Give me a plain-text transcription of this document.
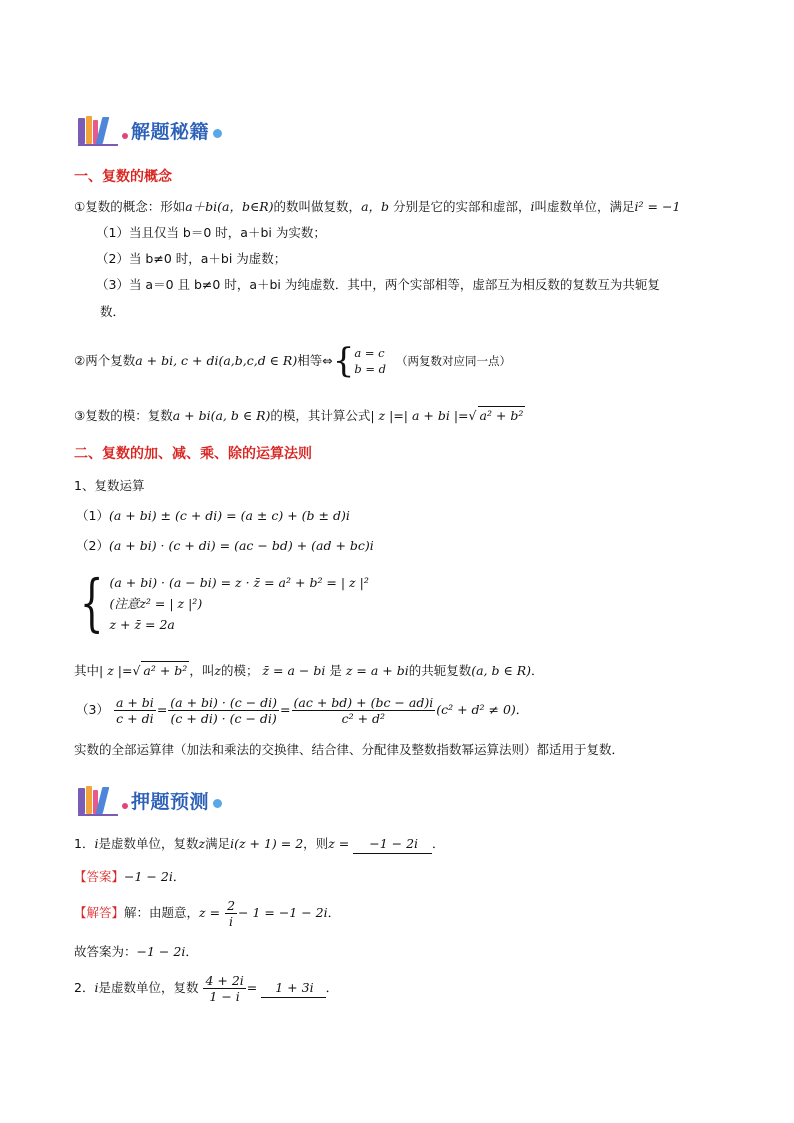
解题秘籍
一、复数的概念
①复数的概念：形如a＋bi(a，b∈R)的数叫做复数，a，b 分别是它的实部和虚部，i叫虚数单位，满足i² = −1
（1）当且仅当 b＝0 时，a＋bi 为实数；
（2）当 b≠0 时，a＋bi 为虚数；
（3）当 a＝0 且 b≠0 时，a＋bi 为纯虚数．其中，两个实部相等，虚部互为相反数的复数互为共轭复
数．
②两个复数 a + bi, c + di(a,b,c,d ∈ R) 相等⇔ { a = c
b = d
（两复数对应同一点）
③复数的模：复数a + bi(a, b ∈ R)的模，其计算公式| z |=| a + bi |=√ a² + b²
二、复数的加、减、乘、除的运算法则
1、复数运算
（1）(a + bi) ± (c + di) = (a ± c) + (b ± d)i
（2）(a + bi) · (c + di) = (ac − bd) + (ad + bc)i
{ (a + bi) · (a − bi) = z · z̄ = a² + b² = | z |²
(注意z² = | z |²)
z + z̄ = 2a
其中| z |=√ a² + b² ，叫z的模； z̄ = a − bi 是 z = a + bi的共轭复数(a, b ∈ R)．
$(3) \frac{a + bi}{c + di} = \frac{(a + bi) \cdot (c - di)}{(c + di) \cdot (c - di)} = \frac{(ac + bd) + (bc - ad)i}{\text{c² + d²}} (c^2 + d^2 \ne 0)$．
实数的全部运算律（加法和乘法的交换律、结合律、分配律及整数指数幂运算法则）都适用于复数．
押题预测
1．i是虚数单位，复数z满足i(z + 1) = 2，则z = −1 − 2i ．
【答案】−1 − 2i．
【解答】解：由题意，$z = \frac{2}{i} - 1 = -1 - 2i$．
故答案为：−1 − 2i．
2．i是虚数单位，复数 $\frac{4 + 2i}{1 - i} = 1 + 3i$ ．
